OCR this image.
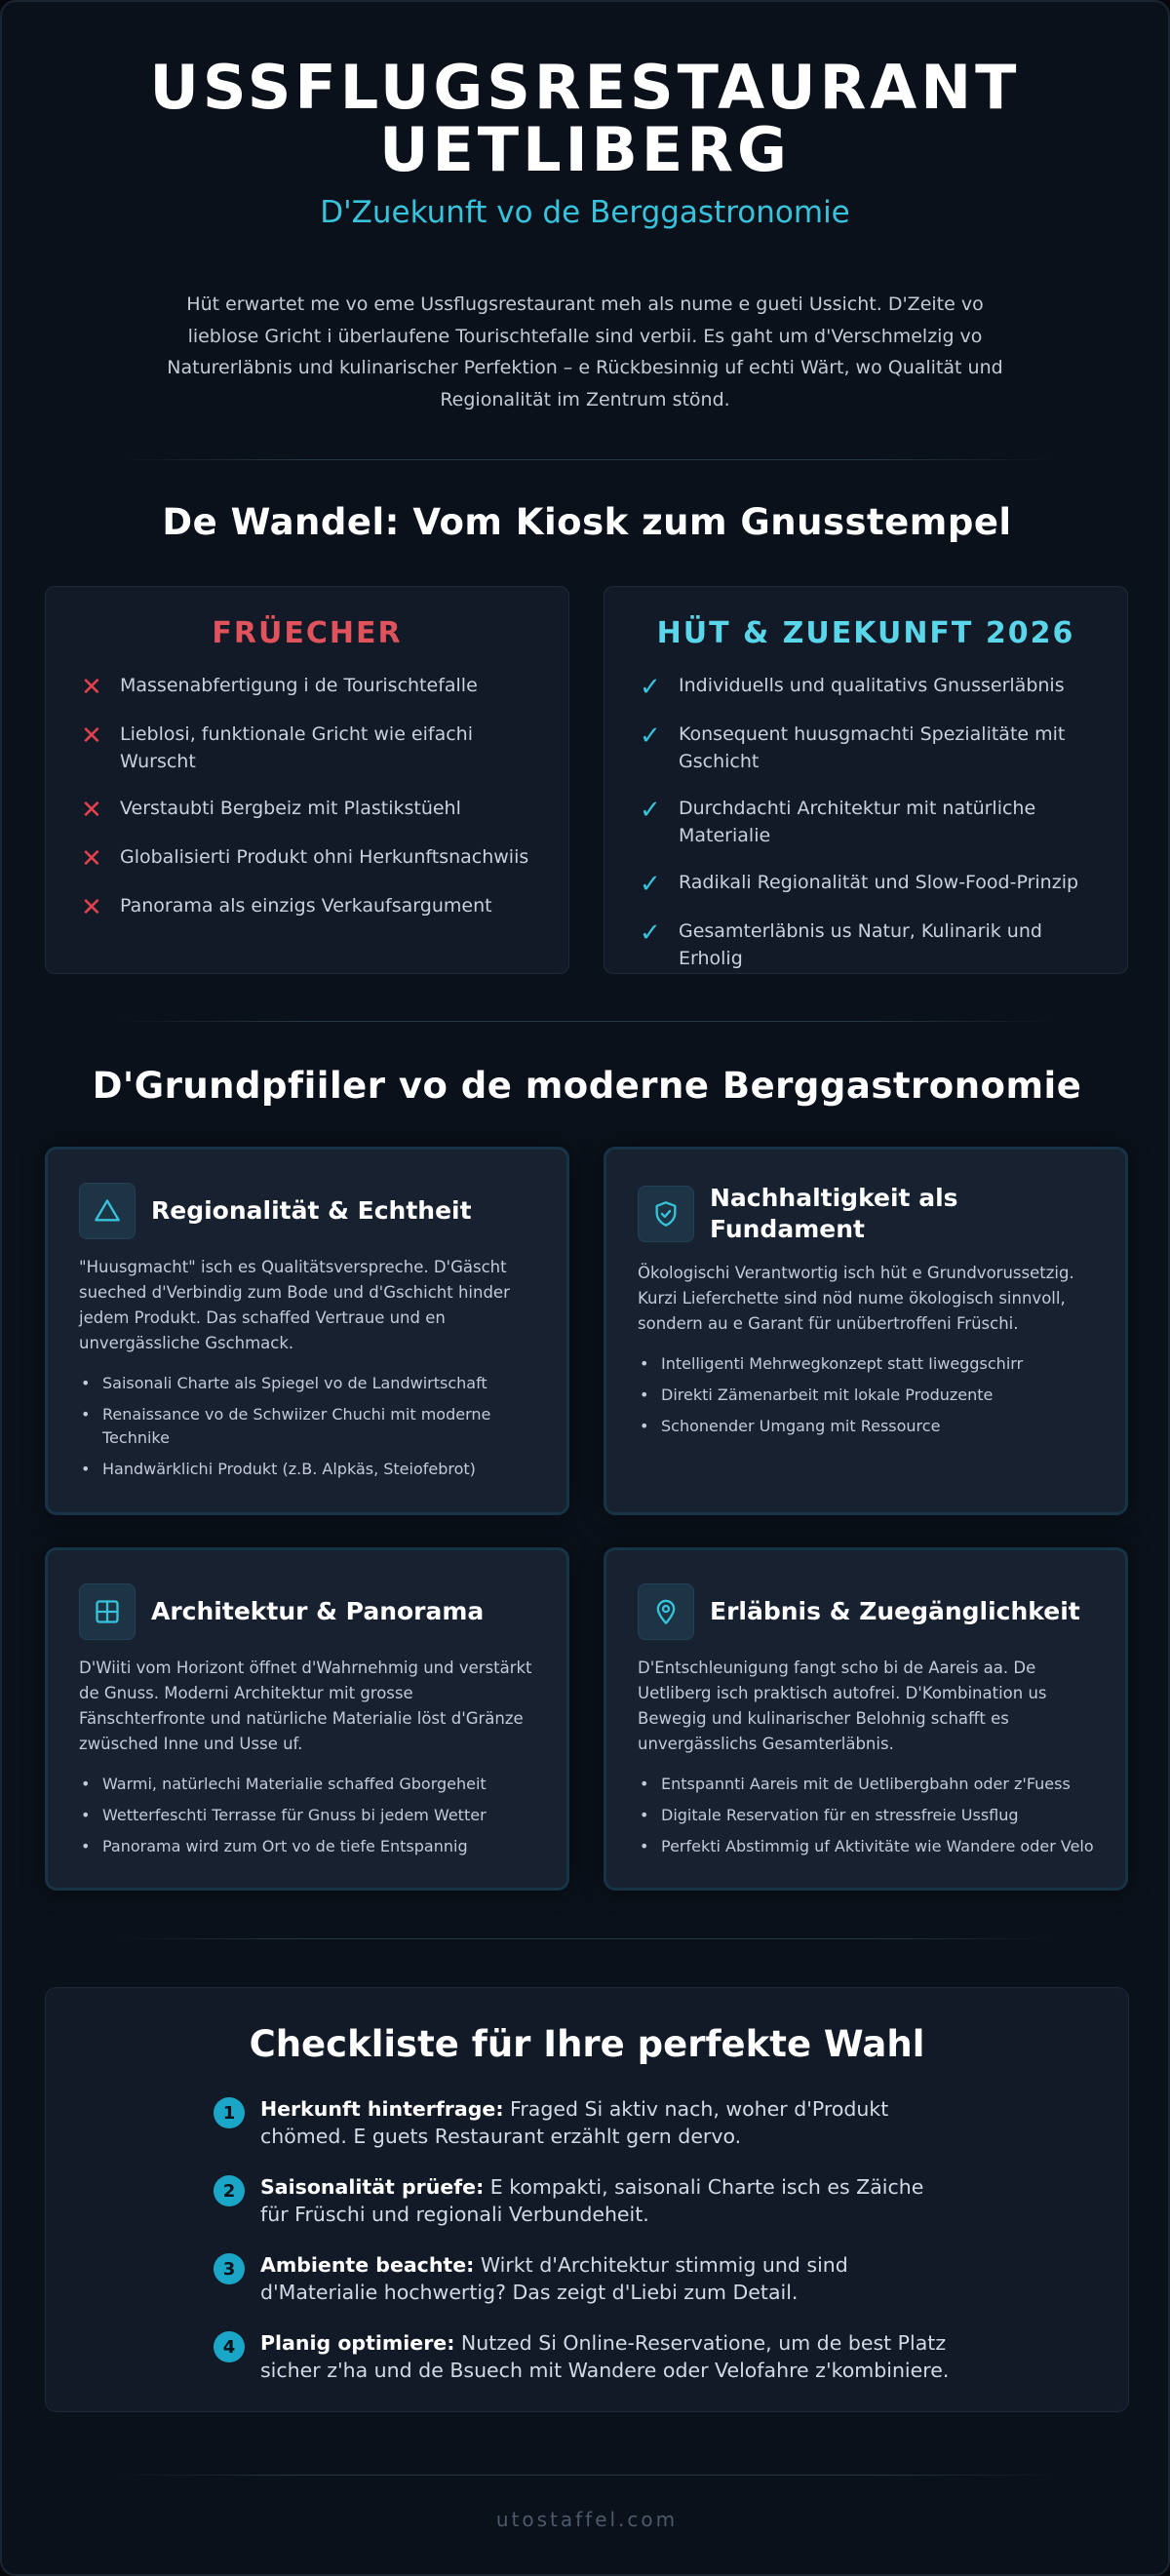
USSFLUGSRESTAURANT UETLIBERG
D'Zuekunft vo de Berggastronomie

Hüt erwartet me vo eme Ussflugsrestaurant meh als nume e gueti Ussicht. D'Zeite vo lieblose Gricht i überlaufene Tourischtefalle sind verbii. Es gaht um d'Verschmelzig vo Naturerläbnis und kulinarischer Perfektion – e Rückbesinnig uf echti Wärt, wo Qualität und Regionalität im Zentrum stönd.

De Wandel: Vom Kiosk zum Gnusstempel
FRÜECHER
✕ Massenabfertigung i de Tourischtefalle
✕ Lieblosi, funktionale Gricht wie eifachi Wurscht
✕ Verstaubti Bergbeiz mit Plastikstüehl
✕ Globalisierti Produkt ohni Herkunftsnachwiis
✕ Panorama als einzigs Verkaufsargument
HÜT & ZUEKUNFT 2026
✓ Individuells und qualitativs Gnusserläbnis
✓ Konsequent huusgmachti Spezialitäte mit Gschicht
✓ Durchdachti Architektur mit natürliche Materialie
✓ Radikali Regionalität und Slow-Food-Prinzip
✓ Gesamterläbnis us Natur, Kulinarik und Erholig
D'Grundpfiiler vo de moderne Berggastronomie
Regionalität & Echtheit

"Huusgmacht" isch es Qualitätsverspreche. D'Gäscht sueched d'Verbindig zum Bode und d'Gschicht hinder jedem Produkt. Das schaffed Vertraue und en unvergässliche Gschmack.

• Saisonali Charte als Spiegel vo de Landwirtschaft
• Renaissance vo de Schwiizer Chuchi mit moderne Technike
• Handwärklichi Produkt (z.B. Alpkäs, Steiofebrot)
Nachhaltigkeit als Fundament

Ökologischi Verantwortig isch hüt e Grundvorussetzig. Kurzi Lieferchette sind nöd nume ökologisch sinnvoll, sondern au e Garant für unübertroffeni Früschi.

• Intelligenti Mehrwegkonzept statt Iiweggschirr
• Direkti Zämenarbeit mit lokale Produzente
• Schonender Umgang mit Ressource
Architektur & Panorama

D'Wiiti vom Horizont öffnet d'Wahrnehmig und verstärkt de Gnuss. Moderni Architektur mit grosse Fänschterfronte und natürliche Materialie löst d'Gränze zwüsched Inne und Usse uf.

• Warmi, natürlechi Materialie schaffed Gborgeheit
• Wetterfeschti Terrasse für Gnuss bi jedem Wetter
• Panorama wird zum Ort vo de tiefe Entspannig
Erläbnis & Zuegänglichkeit

D'Entschleunigung fangt scho bi de Aareis aa. De Uetliberg isch praktisch autofrei. D'Kombination us Bewegig und kulinarischer Belohnig schafft es unvergässlichs Gesamterläbnis.

• Entspannti Aareis mit de Uetlibergbahn oder z'Fuess
• Digitale Reservation für en stressfreie Ussflug
• Perfekti Abstimmig uf Aktivitäte wie Wandere oder Velo
Checkliste für Ihre perfekte Wahl
1	Herkunft hinterfrage: Fraged Si aktiv nach, woher d'Produkt chömed. E guets Restaurant erzählt gern dervo.
2	Saisonalität prüefe: E kompakti, saisonali Charte isch es Zäiche für Früschi und regionali Verbundeheit.
3	Ambiente beachte: Wirkt d'Architektur stimmig und sind d'Materialie hochwertig? Das zeigt d'Liebi zum Detail.
4	Planig optimiere: Nutzed Si Online-Reservatione, um de best Platz sicher z'ha und de Bsuech mit Wandere oder Velofahre z'kombiniere.
utostaffel.com
